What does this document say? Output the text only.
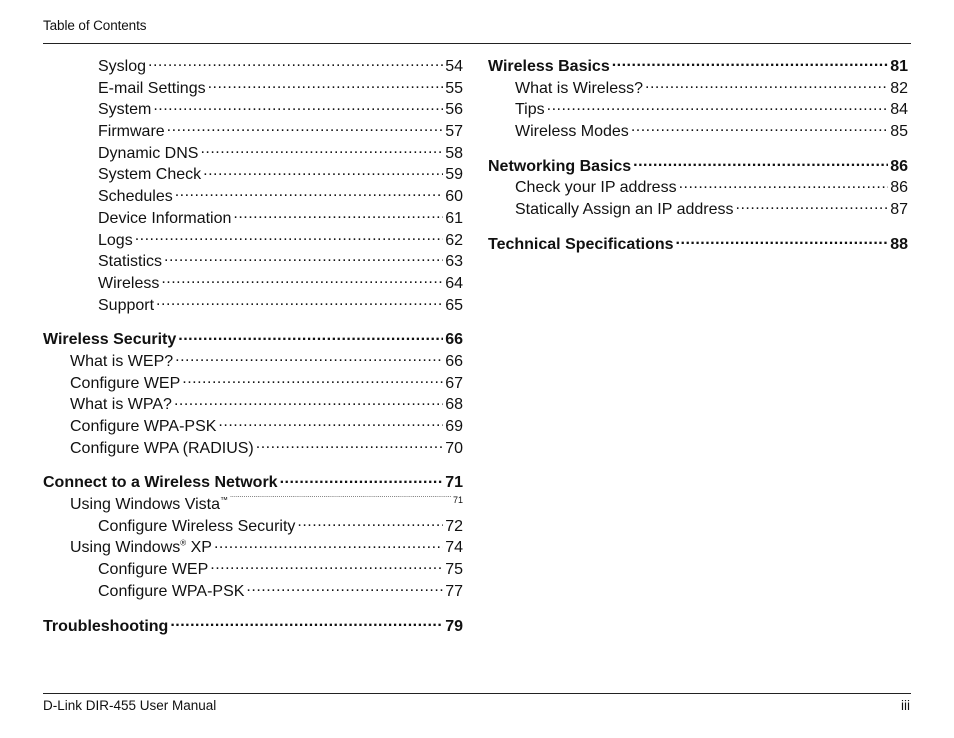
Table of Contents
Syslog .....	54
E-mail Settings .....	55
System .....	56
Firmware .....	57
Dynamic DNS .....	58
System Check .....	59
Schedules .....	60
Device Information .....	61
Logs .....	62
Statistics .....	63
Wireless .....	64
Support .....	65
Wireless Security .....	66
What is WEP? .....	66
Configure WEP .....	67
What is WPA? .....	68
Configure WPA-PSK .....	69
Configure WPA (RADIUS) .....	70
Connect to a Wireless Network .....	71
Using Windows Vista™ .....	71
Configure Wireless Security .....	72
Using Windows® XP .....	74
Configure WEP .....	75
Configure WPA-PSK .....	77
Troubleshooting .....	79
Wireless Basics .....	81
What is Wireless? .....	82
Tips .....	84
Wireless Modes .....	85
Networking Basics .....	86
Check your IP address .....	86
Statically Assign an IP address .....	87
Technical Specifications .....	88
D-Link DIR-455 User Manual	iii
